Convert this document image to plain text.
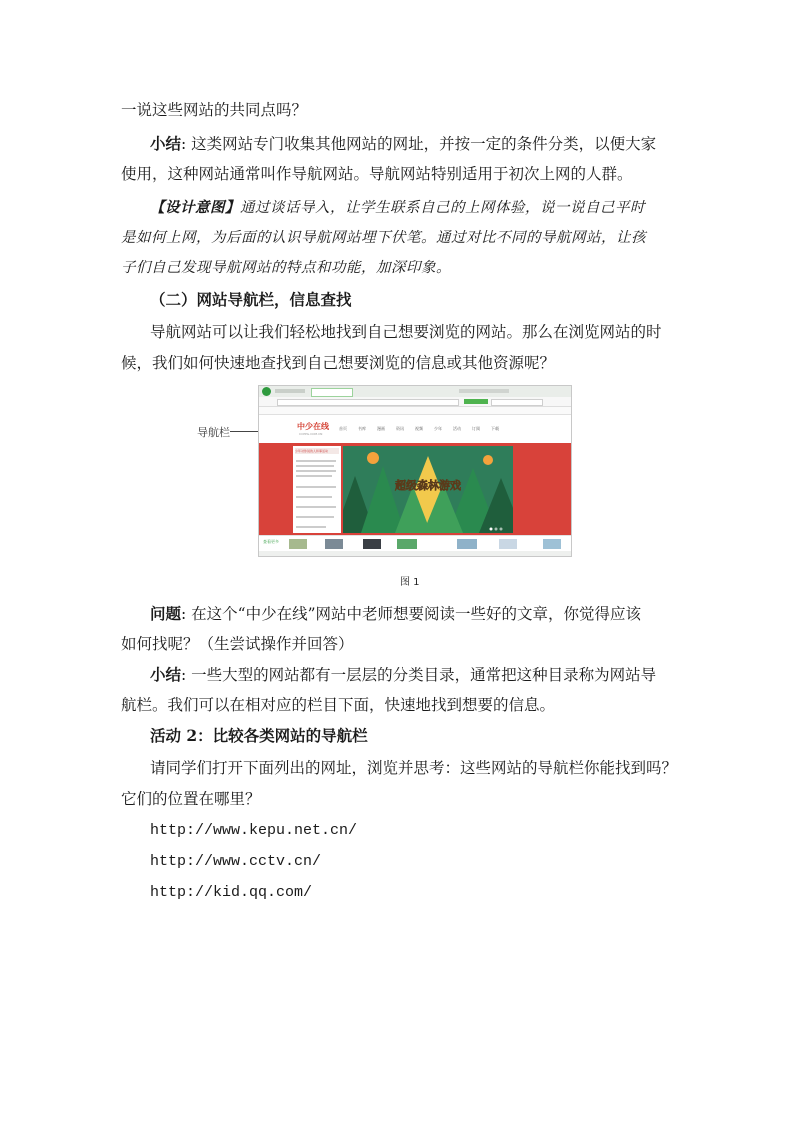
一说这些网站的共同点吗？
小结: 这类网站专门收集其他网站的网址，并按一定的条件分类，以便大家
使用，这种网站通常叫作导航网站。导航网站特别适用于初次上网的人群。
【设计意图】通过谈话导入，让学生联系自己的上网体验，说一说自己平时
是如何上网，为后面的认识导航网站埋下伏笔。通过对比不同的导航网站，让孩
子们自己发现导航网站的特点和功能，加深印象。
（二）网站导航栏，信息查找
导航网站可以让我们轻松地找到自己想要浏览的网站。那么在浏览网站的时
候，我们如何快速地查找到自己想要浏览的信息或其他资源呢？
导航栏	中少在线
CCPPG.COM.CN
首页	书库	漫画	资讯	视频	少年	活动	订阅	下载
少年对你说的人和事活动
超级森林游戏
查看更多
图 1
问题: 在这个“中少在线”网站中老师想要阅读一些好的文章，你觉得应该
如何找呢？（生尝试操作并回答）
小结: 一些大型的网站都有一层层的分类目录，通常把这种目录称为网站导
航栏。我们可以在相对应的栏目下面，快速地找到想要的信息。
活动 2：比较各类网站的导航栏
请同学们打开下面列出的网址，浏览并思考：这些网站的导航栏你能找到吗？
它们的位置在哪里？
http://www.kepu.net.cn/
http://www.cctv.cn/
http://kid.qq.com/
